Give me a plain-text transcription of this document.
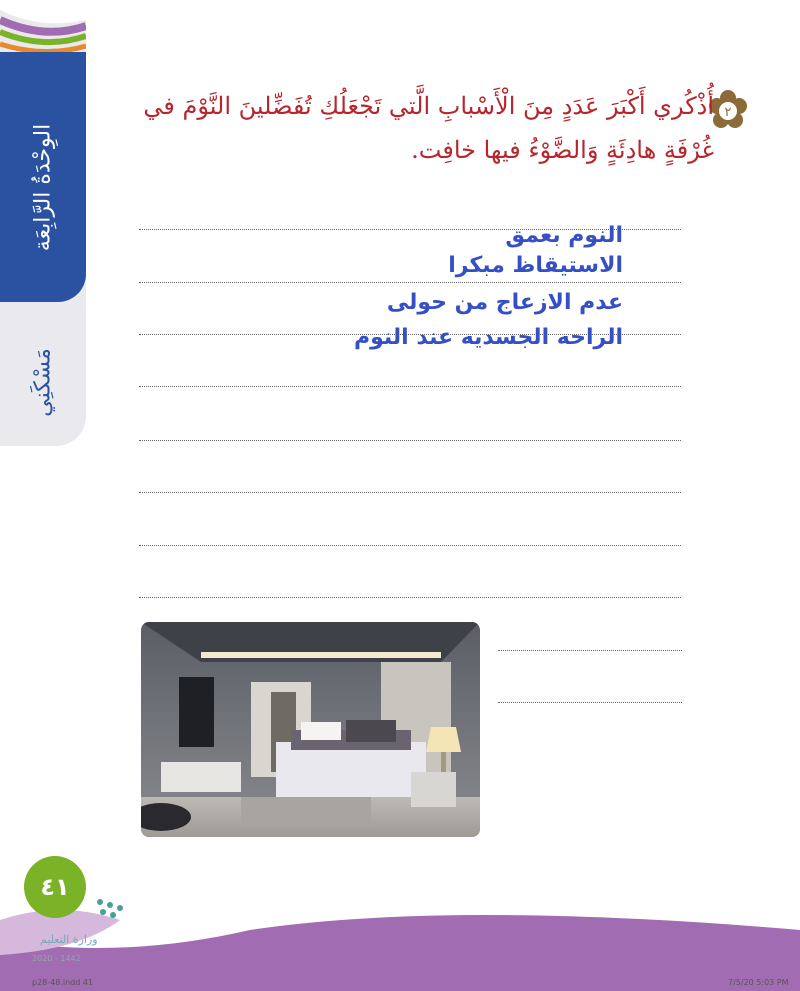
الوِحْدَةُ الرَّابِعَة
مَسْكَنِي
٢
أُذْكُري أَكْبَرَ عَدَدٍ مِنَ الْأَسْبابِ الَّتي تَجْعَلُكِ تُفَضِّلينَ النَّوْمَ في غُرْفَةٍ هادِئَةٍ وَالضَّوْءُ فيها خافِت.
النوم بعمق
الاستيقاظ مبكرا
عدم الازعاج من حولى
الراحه الجسديه عند النوم
٤١
وزارة التعليم
2020 - 1442
p28-48.indd 41	7/5/20 5:03 PM
